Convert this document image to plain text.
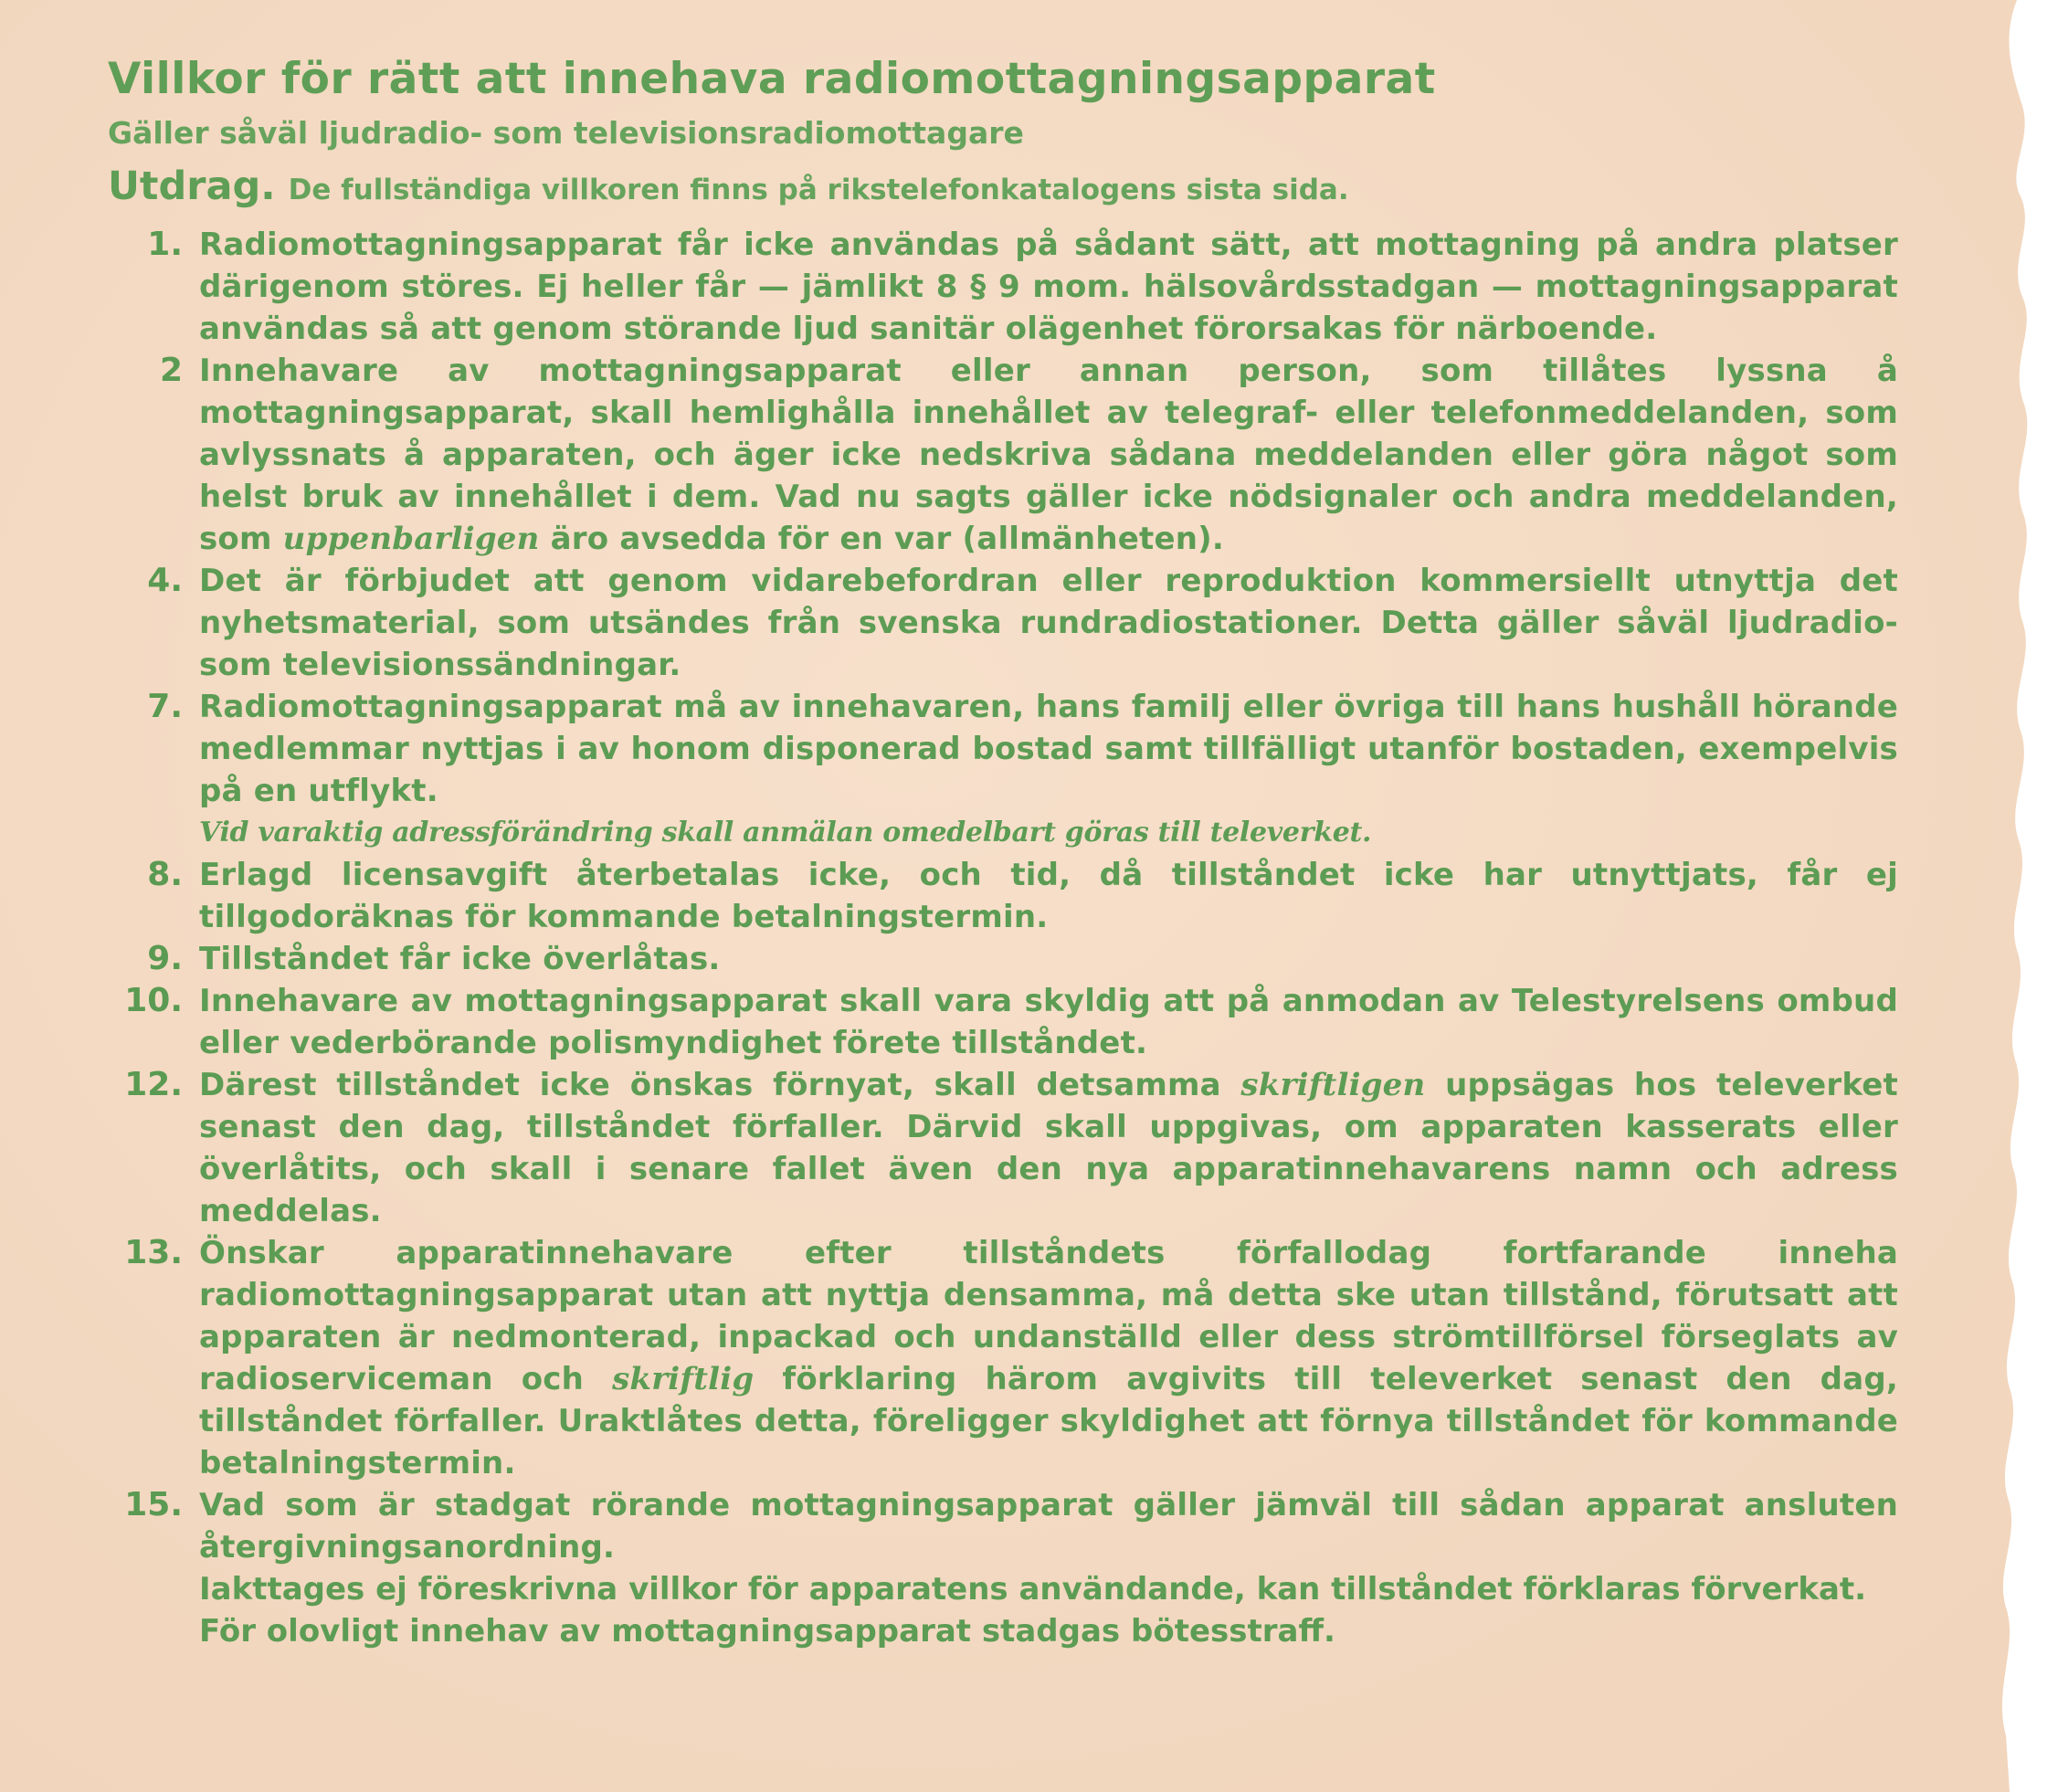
Villkor för rätt att innehava radiomottagningsapparat
Gäller såväl ljudradio- som televisionsradiomottagare
Utdrag. De fullständiga villkoren finns på rikstelefonkatalogens sista sida.
1. Radiomottagningsapparat får icke användas på sådant sätt, att mottagning på andra platser därigenom störes. Ej heller får — jämlikt 8 § 9 mom. hälsovårdsstadgan — mottagningsapparat användas så att genom störande ljud sanitär olägenhet förorsakas för närboende.
2 Innehavare av mottagningsapparat eller annan person, som tillåtes lyssna å mottagningsapparat, skall hemlighålla innehållet av telegraf- eller telefonmeddelanden, som avlyssnats å apparaten, och äger icke nedskriva sådana meddelanden eller göra något som helst bruk av innehållet i dem. Vad nu sagts gäller icke nödsignaler och andra meddelanden, som uppenbarligen äro avsedda för en var (allmänheten).
4. Det är förbjudet att genom vidarebefordran eller reproduktion kommersiellt utnyttja det nyhetsmaterial, som utsändes från svenska rundradiostationer. Detta gäller såväl ljudradio- som televisionssändningar.
7. Radiomottagningsapparat må av innehavaren, hans familj eller övriga till hans hushåll hörande medlemmar nyttjas i av honom disponerad bostad samt tillfälligt utanför bostaden, exempelvis på en utflykt.
Vid varaktig adressförändring skall anmälan omedelbart göras till televerket.
8. Erlagd licensavgift återbetalas icke, och tid, då tillståndet icke har utnyttjats, får ej tillgodoräknas för kommande betalningstermin.
9. Tillståndet får icke överlåtas.
10. Innehavare av mottagningsapparat skall vara skyldig att på anmodan av Telestyrelsens ombud eller vederbörande polismyndighet förete tillståndet.
12. Därest tillståndet icke önskas förnyat, skall detsamma skriftligen uppsägas hos televerket senast den dag, tillståndet förfaller. Därvid skall uppgivas, om apparaten kasserats eller överlåtits, och skall i senare fallet även den nya apparatinnehavarens namn och adress meddelas.
13. Önskar apparatinnehavare efter tillståndets förfallodag fortfarande inneha radiomottagningsapparat utan att nyttja densamma, må detta ske utan tillstånd, förutsatt att apparaten är nedmonterad, inpackad och undanställd eller dess strömtillförsel förseglats av radioserviceman och skriftlig förklaring härom avgivits till televerket senast den dag, tillståndet förfaller. Uraktlåtes detta, föreligger skyldighet att förnya tillståndet för kommande betalningstermin.
15. Vad som är stadgat rörande mottagningsapparat gäller jämväl till sådan apparat ansluten återgivningsanordning.
Iakttages ej föreskrivna villkor för apparatens användande, kan tillståndet förklaras förverkat. För olovligt innehav av mottagningsapparat stadgas bötesstraff.
